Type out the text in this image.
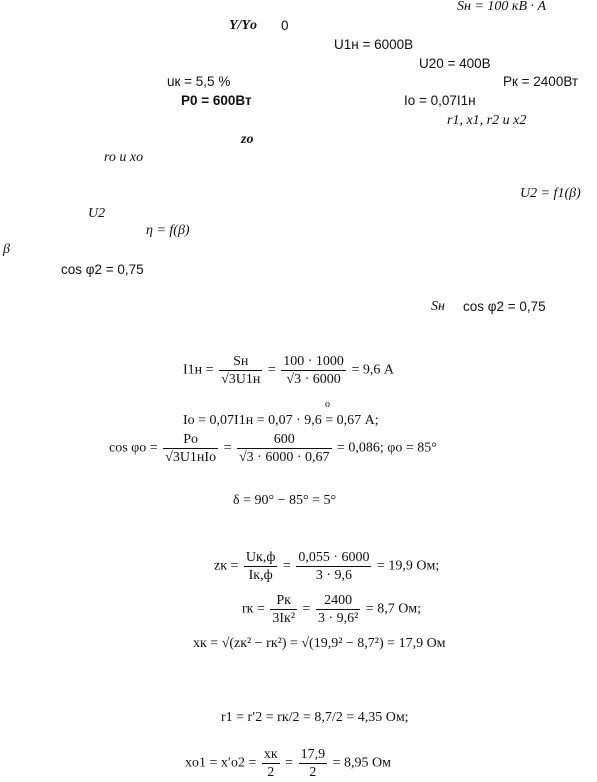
Sн = 100 кВ · А
Y/Yо 0
U1н = 6000В
U20 = 400В
uк = 5,5 %	Pк = 2400Вт
P0 = 600Вт	Io = 0,07I1н
r1, x1, r2 и x2
zo
ro и xo
U2 = f1(β)
U2
η = f(β)
β
cos φ2 = 0,75
Sн cos φ2 = 0,75
$I1н = \frac{Sн}{√3U1н} = \frac{100 \cdot 1000}{√3 \cdot 6000} = 9,6$ A
o
Io = 0,07I1н = 0,07 · 9,6 = 0,67 A;
$\cos \varphi o = \frac{Po}{\text{√3U1нIo}} = \frac{600}{√3 \cdot 6000 \cdot 0,67} = 0,086$; φo = 85°
δ = 90° − 85° = 5°
zк = $\frac{Uк,ф}{Iк,ф} = \frac{0,055 \cdot 6000}{3 \cdot 9,6} = 19,9$ Ом;
rк = $\frac{Pк}{\text{3Iк²}} = \frac{2400}{\text{3 · 9,6²}} = 8,7$ Ом;
xк = √(zк² − rк²) = √(19,9² − 8,7²) = 17,9 Ом
r1 = r′2 = rк/2 = 8,7/2 = 4,35 Ом;
$xo1 = x'o2 = \frac{xк}{2} = \frac{17,9}{2} = 8,95$ Ом
